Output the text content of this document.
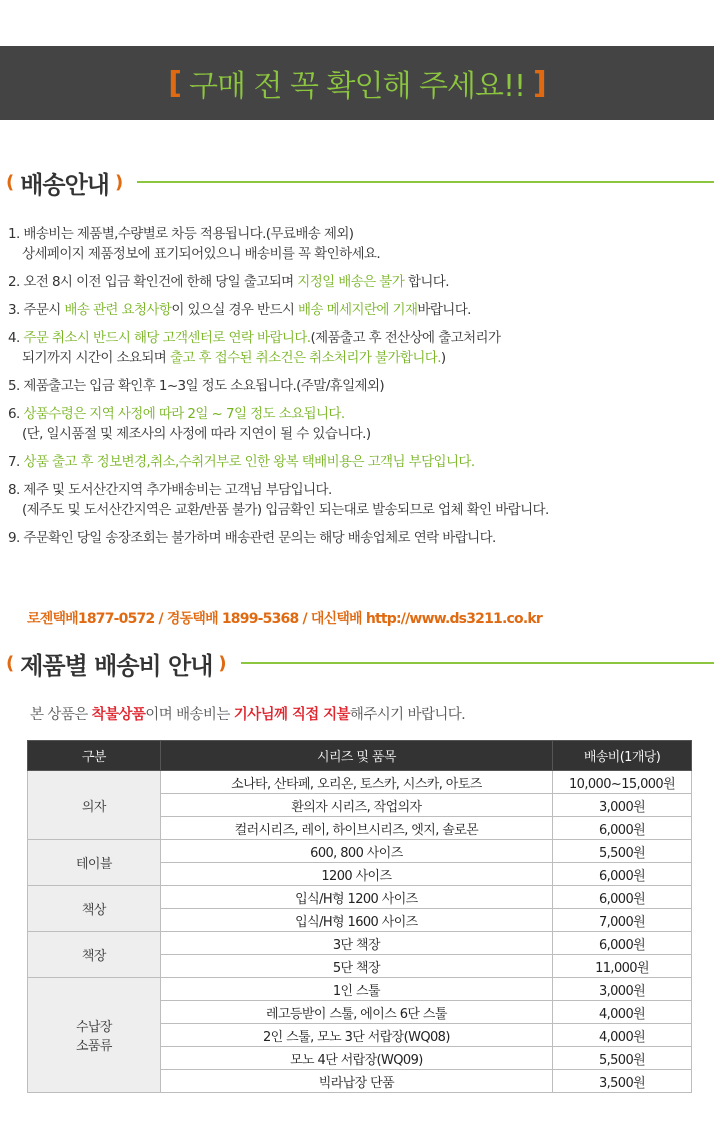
[ 구매 전 꼭 확인해 주세요!! ]
( 배송안내 )
1. 배송비는 제품별,수량별로 차등 적용됩니다.(무료배송 제외)
상세페이지 제품정보에 표기되어있으니 배송비를 꼭 확인하세요.
2. 오전 8시 이전 입금 확인건에 한해 당일 출고되며 지정일 배송은 불가 합니다.
3. 주문시 배송 관련 요청사항이 있으실 경우 반드시 배송 메세지란에 기재바랍니다.
4. 주문 취소시 반드시 해당 고객센터로 연락 바랍니다.(제품출고 후 전산상에 출고처리가
되기까지 시간이 소요되며 출고 후 접수된 취소건은 취소처리가 불가합니다.)
5. 제품출고는 입금 확인후 1~3일 정도 소요됩니다.(주말/휴일제외)
6. 상품수령은 지역 사정에 따라 2일 ~ 7일 정도 소요됩니다.
(단, 일시품절 및 제조사의 사정에 따라 지연이 될 수 있습니다.)
7. 상품 출고 후 정보변경,취소,수취거부로 인한 왕복 택배비용은 고객님 부담입니다.
8. 제주 및 도서산간지역 추가배송비는 고객님 부담입니다.
(제주도 및 도서산간지역은 교환/반품 불가) 입금확인 되는대로 발송되므로 업체 확인 바랍니다.
9. 주문확인 당일 송장조회는 불가하며 배송관련 문의는 해당 배송업체로 연락 바랍니다.
로젠택배1877-0572 / 경동택배 1899-5368 / 대신택배 http://www.ds3211.co.kr
( 제품별 배송비 안내 )
본 상품은 착불상품이며 배송비는 기사님께 직접 지불해주시기 바랍니다.
구분	시리즈 및 품목	배송비(1개당)
의자	소나타, 산타페, 오리온, 토스카, 시스카, 아토즈	10,000~15,000원
	환의자 시리즈, 작업의자	3,000원
	컬러시리즈, 레이, 하이브시리즈, 엣지, 솔로몬	6,000원
테이블	600, 800 사이즈	5,500원
	1200 사이즈	6,000원
책상	입식/H형 1200 사이즈	6,000원
	입식/H형 1600 사이즈	7,000원
책장	3단 책장	6,000원
	5단 책장	11,000원
수납장
소품류	1인 스툴	3,000원
	레고등받이 스툴, 에이스 6단 스툴	4,000원
	2인 스툴, 모노 3단 서랍장(WQ08)	4,000원
	모노 4단 서랍장(WQ09)	5,500원
	빅라납장 단품	3,500원
